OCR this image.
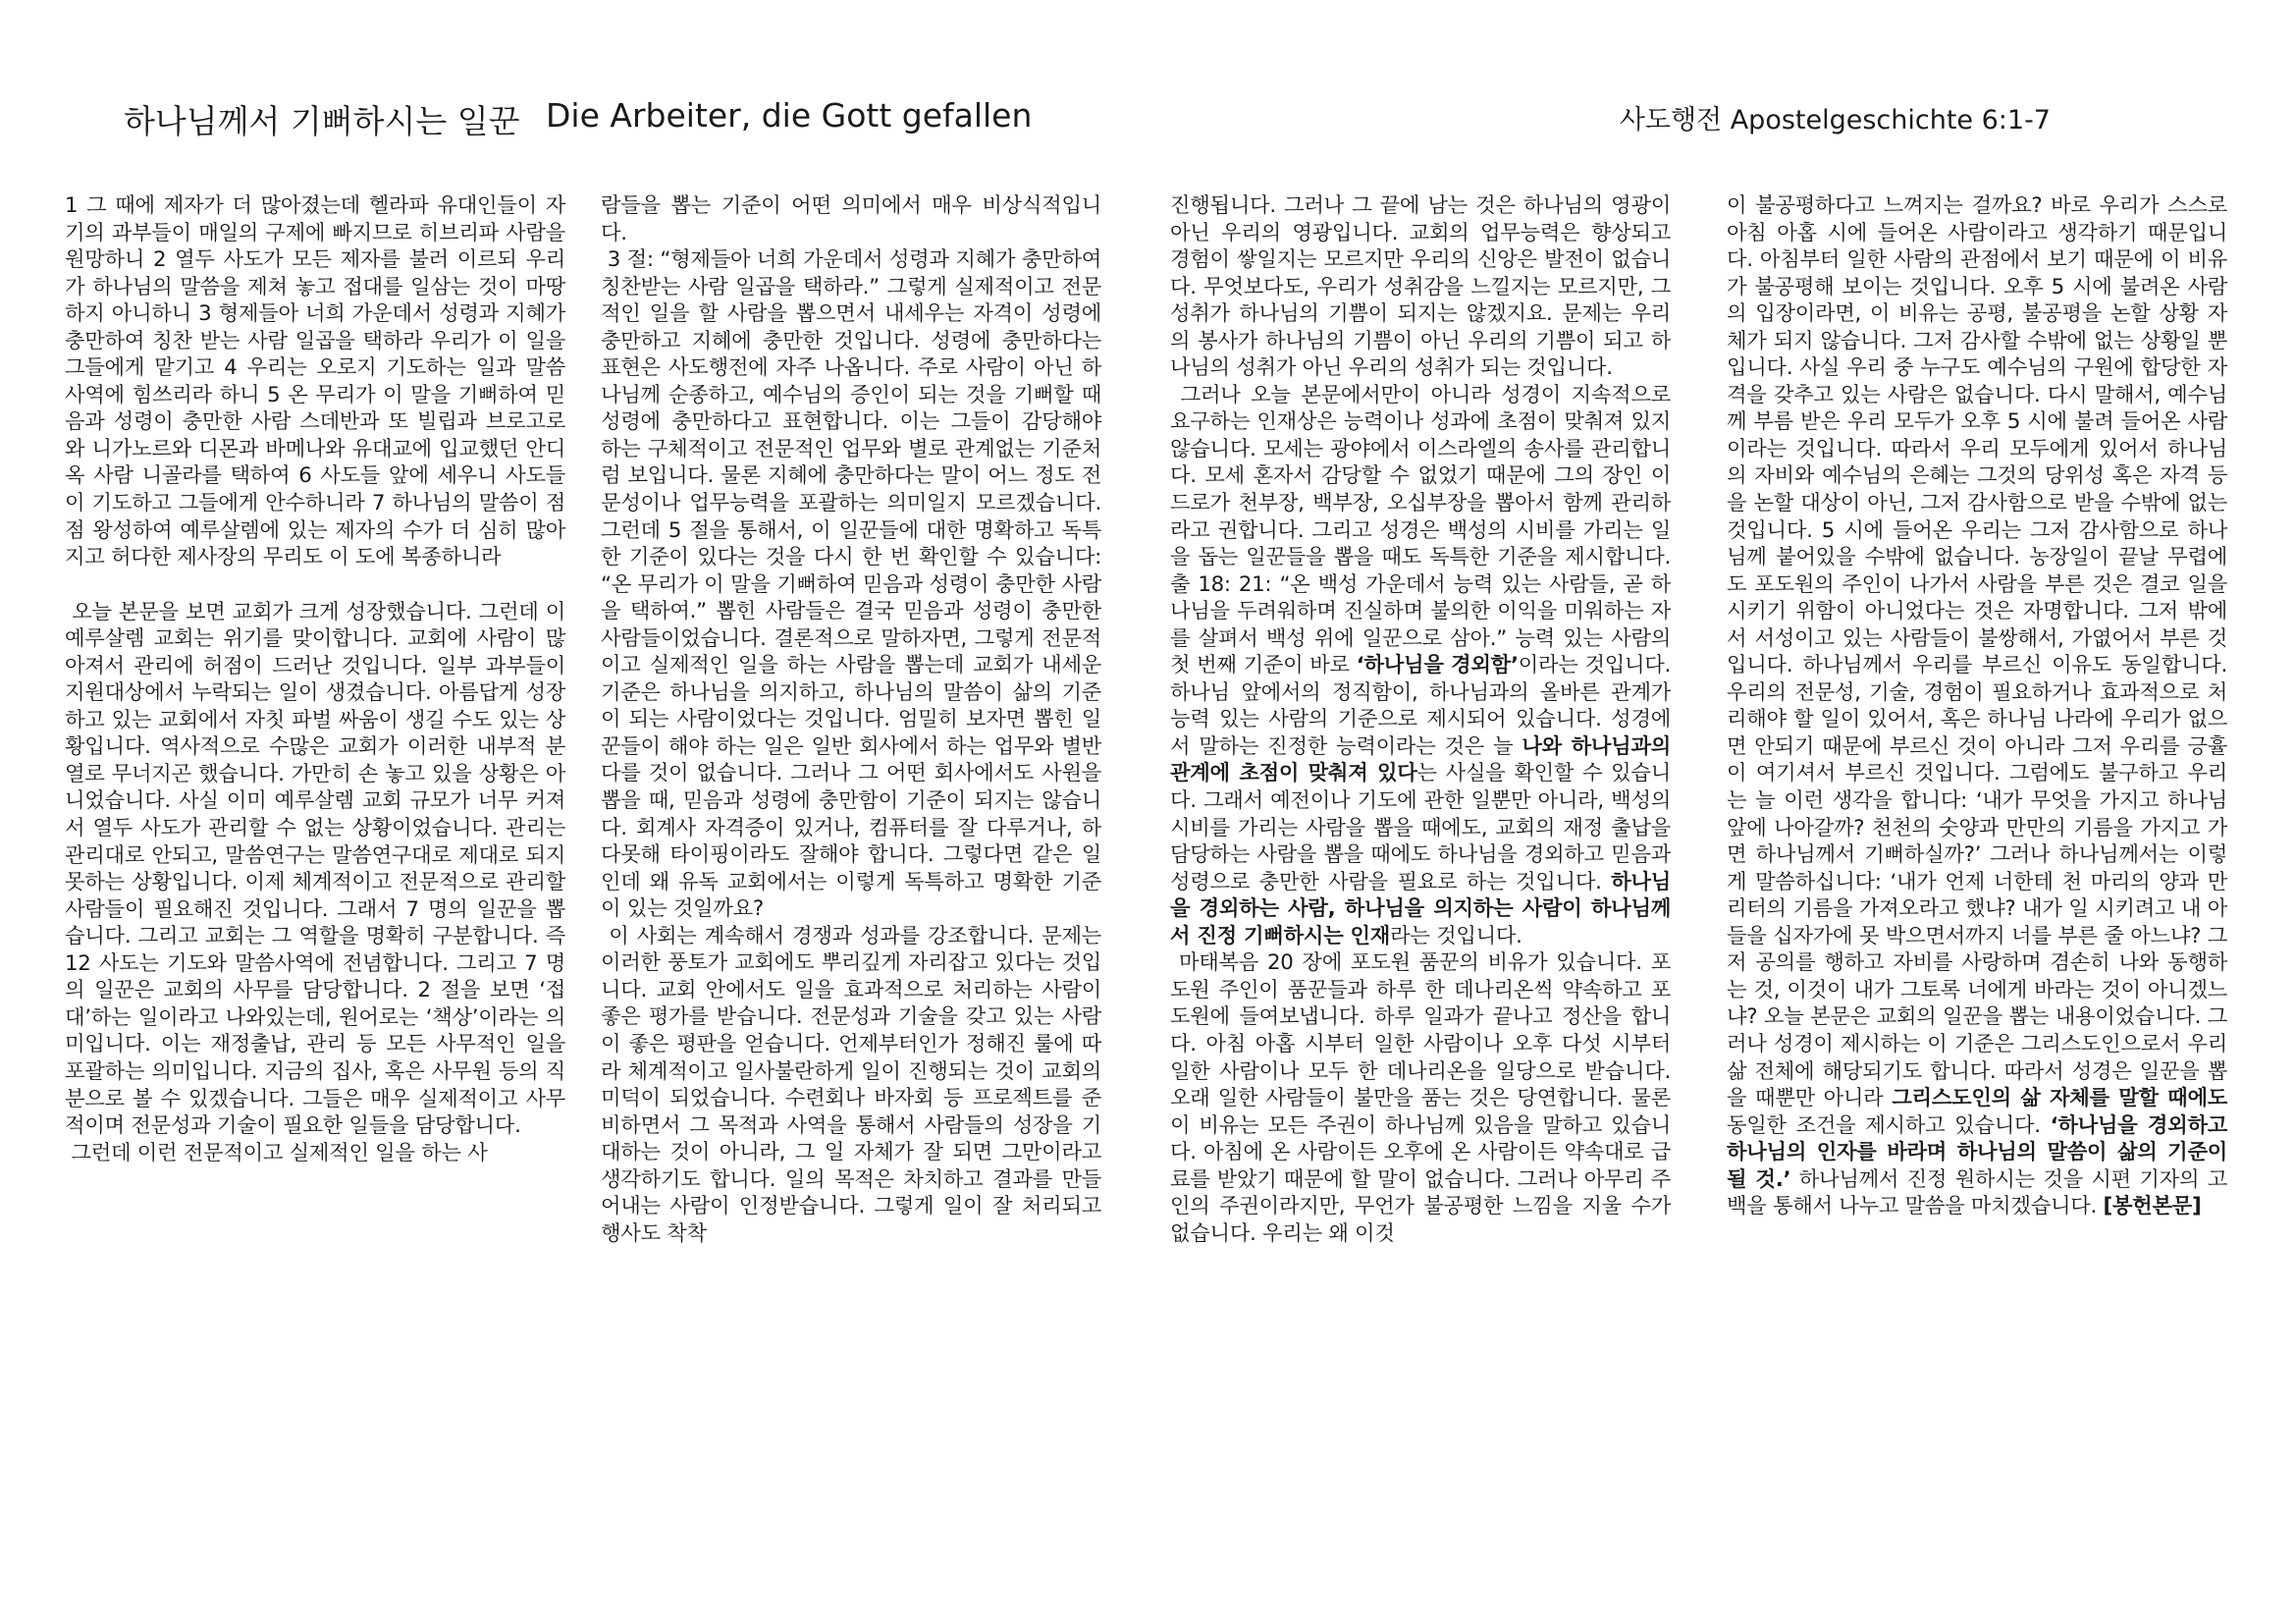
하나님께서 기뻐하시는 일꾼 Die Arbeiter, die Gott gefallen	사도행전 Apostelgeschichte 6:1-7

1 그 때에 제자가 더 많아졌는데 헬라파 유대인들이 자기의 과부들이 매일의 구제에 빠지므로 히브리파 사람을 원망하니 2 열두 사도가 모든 제자를 불러 이르되 우리가 하나님의 말씀을 제쳐 놓고 접대를 일삼는 것이 마땅하지 아니하니 3 형제들아 너희 가운데서 성령과 지혜가 충만하여 칭찬 받는 사람 일곱을 택하라 우리가 이 일을 그들에게 맡기고 4 우리는 오로지 기도하는 일과 말씀 사역에 힘쓰리라 하니 5 온 무리가 이 말을 기뻐하여 믿음과 성령이 충만한 사람 스데반과 또 빌립과 브로고로와 니가노르와 디몬과 바메나와 유대교에 입교했던 안디옥 사람 니골라를 택하여 6 사도들 앞에 세우니 사도들이 기도하고 그들에게 안수하니라 7 하나님의 말씀이 점점 왕성하여 예루살렘에 있는 제자의 수가 더 심히 많아지고 허다한 제사장의 무리도 이 도에 복종하니라

오늘 본문을 보면 교회가 크게 성장했습니다. 그런데 이 예루살렘 교회는 위기를 맞이합니다. 교회에 사람이 많아져서 관리에 허점이 드러난 것입니다. 일부 과부들이 지원대상에서 누락되는 일이 생겼습니다. 아름답게 성장하고 있는 교회에서 자칫 파벌 싸움이 생길 수도 있는 상황입니다. 역사적으로 수많은 교회가 이러한 내부적 분열로 무너지곤 했습니다. 가만히 손 놓고 있을 상황은 아니었습니다. 사실 이미 예루살렘 교회 규모가 너무 커져서 열두 사도가 관리할 수 없는 상황이었습니다. 관리는 관리대로 안되고, 말씀연구는 말씀연구대로 제대로 되지 못하는 상황입니다. 이제 체계적이고 전문적으로 관리할 사람들이 필요해진 것입니다. 그래서 7 명의 일꾼을 뽑습니다. 그리고 교회는 그 역할을 명확히 구분합니다. 즉 12 사도는 기도와 말씀사역에 전념합니다. 그리고 7 명의 일꾼은 교회의 사무를 담당합니다. 2 절을 보면 ‘접대’하는 일이라고 나와있는데, 원어로는 ‘책상’이라는 의미입니다. 이는 재정출납, 관리 등 모든 사무적인 일을 포괄하는 의미입니다. 지금의 집사, 혹은 사무원 등의 직분으로 볼 수 있겠습니다. 그들은 매우 실제적이고 사무적이며 전문성과 기술이 필요한 일들을 담당합니다.

그런데 이런 전문적이고 실제적인 일을 하는 사

람들을 뽑는 기준이 어떤 의미에서 매우 비상식적입니다.

3 절: “형제들아 너희 가운데서 성령과 지혜가 충만하여 칭찬받는 사람 일곱을 택하라.” 그렇게 실제적이고 전문적인 일을 할 사람을 뽑으면서 내세우는 자격이 성령에 충만하고 지혜에 충만한 것입니다. 성령에 충만하다는 표현은 사도행전에 자주 나옵니다. 주로 사람이 아닌 하나님께 순종하고, 예수님의 증인이 되는 것을 기뻐할 때 성령에 충만하다고 표현합니다. 이는 그들이 감당해야 하는 구체적이고 전문적인 업무와 별로 관계없는 기준처럼 보입니다. 물론 지혜에 충만하다는 말이 어느 정도 전문성이나 업무능력을 포괄하는 의미일지 모르겠습니다. 그런데 5 절을 통해서, 이 일꾼들에 대한 명확하고 독특한 기준이 있다는 것을 다시 한 번 확인할 수 있습니다: “온 무리가 이 말을 기뻐하여 믿음과 성령이 충만한 사람을 택하여.” 뽑힌 사람들은 결국 믿음과 성령이 충만한 사람들이었습니다. 결론적으로 말하자면, 그렇게 전문적이고 실제적인 일을 하는 사람을 뽑는데 교회가 내세운 기준은 하나님을 의지하고, 하나님의 말씀이 삶의 기준이 되는 사람이었다는 것입니다. 엄밀히 보자면 뽑힌 일꾼들이 해야 하는 일은 일반 회사에서 하는 업무와 별반 다를 것이 없습니다. 그러나 그 어떤 회사에서도 사원을 뽑을 때, 믿음과 성령에 충만함이 기준이 되지는 않습니다. 회계사 자격증이 있거나, 컴퓨터를 잘 다루거나, 하다못해 타이핑이라도 잘해야 합니다. 그렇다면 같은 일인데 왜 유독 교회에서는 이렇게 독특하고 명확한 기준이 있는 것일까요?

이 사회는 계속해서 경쟁과 성과를 강조합니다. 문제는 이러한 풍토가 교회에도 뿌리깊게 자리잡고 있다는 것입니다. 교회 안에서도 일을 효과적으로 처리하는 사람이 좋은 평가를 받습니다. 전문성과 기술을 갖고 있는 사람이 좋은 평판을 얻습니다. 언제부터인가 정해진 룰에 따라 체계적이고 일사불란하게 일이 진행되는 것이 교회의 미덕이 되었습니다. 수련회나 바자회 등 프로젝트를 준비하면서 그 목적과 사역을 통해서 사람들의 성장을 기대하는 것이 아니라, 그 일 자체가 잘 되면 그만이라고 생각하기도 합니다. 일의 목적은 차치하고 결과를 만들어내는 사람이 인정받습니다. 그렇게 일이 잘 처리되고 행사도 착착

진행됩니다. 그러나 그 끝에 남는 것은 하나님의 영광이 아닌 우리의 영광입니다. 교회의 업무능력은 향상되고 경험이 쌓일지는 모르지만 우리의 신앙은 발전이 없습니다. 무엇보다도, 우리가 성취감을 느낄지는 모르지만, 그 성취가 하나님의 기쁨이 되지는 않겠지요. 문제는 우리의 봉사가 하나님의 기쁨이 아닌 우리의 기쁨이 되고 하나님의 성취가 아닌 우리의 성취가 되는 것입니다.

그러나 오늘 본문에서만이 아니라 성경이 지속적으로 요구하는 인재상은 능력이나 성과에 초점이 맞춰져 있지 않습니다. 모세는 광야에서 이스라엘의 송사를 관리합니다. 모세 혼자서 감당할 수 없었기 때문에 그의 장인 이드로가 천부장, 백부장, 오십부장을 뽑아서 함께 관리하라고 권합니다. 그리고 성경은 백성의 시비를 가리는 일을 돕는 일꾼들을 뽑을 때도 독특한 기준을 제시합니다. 출 18: 21: “온 백성 가운데서 능력 있는 사람들, 곧 하나님을 두려워하며 진실하며 불의한 이익을 미워하는 자를 살펴서 백성 위에 일꾼으로 삼아.” 능력 있는 사람의 첫 번째 기준이 바로 ‘하나님을 경외함’이라는 것입니다. 하나님 앞에서의 정직함이, 하나님과의 올바른 관계가 능력 있는 사람의 기준으로 제시되어 있습니다. 성경에서 말하는 진정한 능력이라는 것은 늘 나와 하나님과의 관계에 초점이 맞춰져 있다는 사실을 확인할 수 있습니다. 그래서 예전이나 기도에 관한 일뿐만 아니라, 백성의 시비를 가리는 사람을 뽑을 때에도, 교회의 재정 출납을 담당하는 사람을 뽑을 때에도 하나님을 경외하고 믿음과 성령으로 충만한 사람을 필요로 하는 것입니다. 하나님을 경외하는 사람, 하나님을 의지하는 사람이 하나님께서 진정 기뻐하시는 인재라는 것입니다.

마태복음 20 장에 포도원 품꾼의 비유가 있습니다. 포도원 주인이 품꾼들과 하루 한 데나리온씩 약속하고 포도원에 들여보냅니다. 하루 일과가 끝나고 정산을 합니다. 아침 아홉 시부터 일한 사람이나 오후 다섯 시부터 일한 사람이나 모두 한 데나리온을 일당으로 받습니다. 오래 일한 사람들이 불만을 품는 것은 당연합니다. 물론 이 비유는 모든 주권이 하나님께 있음을 말하고 있습니다. 아침에 온 사람이든 오후에 온 사람이든 약속대로 급료를 받았기 때문에 할 말이 없습니다. 그러나 아무리 주인의 주권이라지만, 무언가 불공평한 느낌을 지울 수가 없습니다. 우리는 왜 이것

이 불공평하다고 느껴지는 걸까요? 바로 우리가 스스로 아침 아홉 시에 들어온 사람이라고 생각하기 때문입니다. 아침부터 일한 사람의 관점에서 보기 때문에 이 비유가 불공평해 보이는 것입니다. 오후 5 시에 불려온 사람의 입장이라면, 이 비유는 공평, 불공평을 논할 상황 자체가 되지 않습니다. 그저 감사할 수밖에 없는 상황일 뿐입니다. 사실 우리 중 누구도 예수님의 구원에 합당한 자격을 갖추고 있는 사람은 없습니다. 다시 말해서, 예수님께 부름 받은 우리 모두가 오후 5 시에 불려 들어온 사람이라는 것입니다. 따라서 우리 모두에게 있어서 하나님의 자비와 예수님의 은혜는 그것의 당위성 혹은 자격 등을 논할 대상이 아닌, 그저 감사함으로 받을 수밖에 없는 것입니다. 5 시에 들어온 우리는 그저 감사함으로 하나님께 붙어있을 수밖에 없습니다. 농장일이 끝날 무렵에도 포도원의 주인이 나가서 사람을 부른 것은 결코 일을 시키기 위함이 아니었다는 것은 자명합니다. 그저 밖에서 서성이고 있는 사람들이 불쌍해서, 가엾어서 부른 것입니다. 하나님께서 우리를 부르신 이유도 동일합니다. 우리의 전문성, 기술, 경험이 필요하거나 효과적으로 처리해야 할 일이 있어서, 혹은 하나님 나라에 우리가 없으면 안되기 때문에 부르신 것이 아니라 그저 우리를 긍휼이 여기셔서 부르신 것입니다. 그럼에도 불구하고 우리는 늘 이런 생각을 합니다: ‘내가 무엇을 가지고 하나님 앞에 나아갈까? 천천의 숫양과 만만의 기름을 가지고 가면 하나님께서 기뻐하실까?’ 그러나 하나님께서는 이렇게 말씀하십니다: ‘내가 언제 너한테 천 마리의 양과 만 리터의 기름을 가져오라고 했냐? 내가 일 시키려고 내 아들을 십자가에 못 박으면서까지 너를 부른 줄 아느냐? 그저 공의를 행하고 자비를 사랑하며 겸손히 나와 동행하는 것, 이것이 내가 그토록 너에게 바라는 것이 아니겠느냐? 오늘 본문은 교회의 일꾼을 뽑는 내용이었습니다. 그러나 성경이 제시하는 이 기준은 그리스도인으로서 우리 삶 전체에 해당되기도 합니다. 따라서 성경은 일꾼을 뽑을 때뿐만 아니라 그리스도인의 삶 자체를 말할 때에도 동일한 조건을 제시하고 있습니다. ‘하나님을 경외하고 하나님의 인자를 바라며 하나님의 말씀이 삶의 기준이 될 것.’ 하나님께서 진정 원하시는 것을 시편 기자의 고백을 통해서 나누고 말씀을 마치겠습니다. [봉헌본문]
